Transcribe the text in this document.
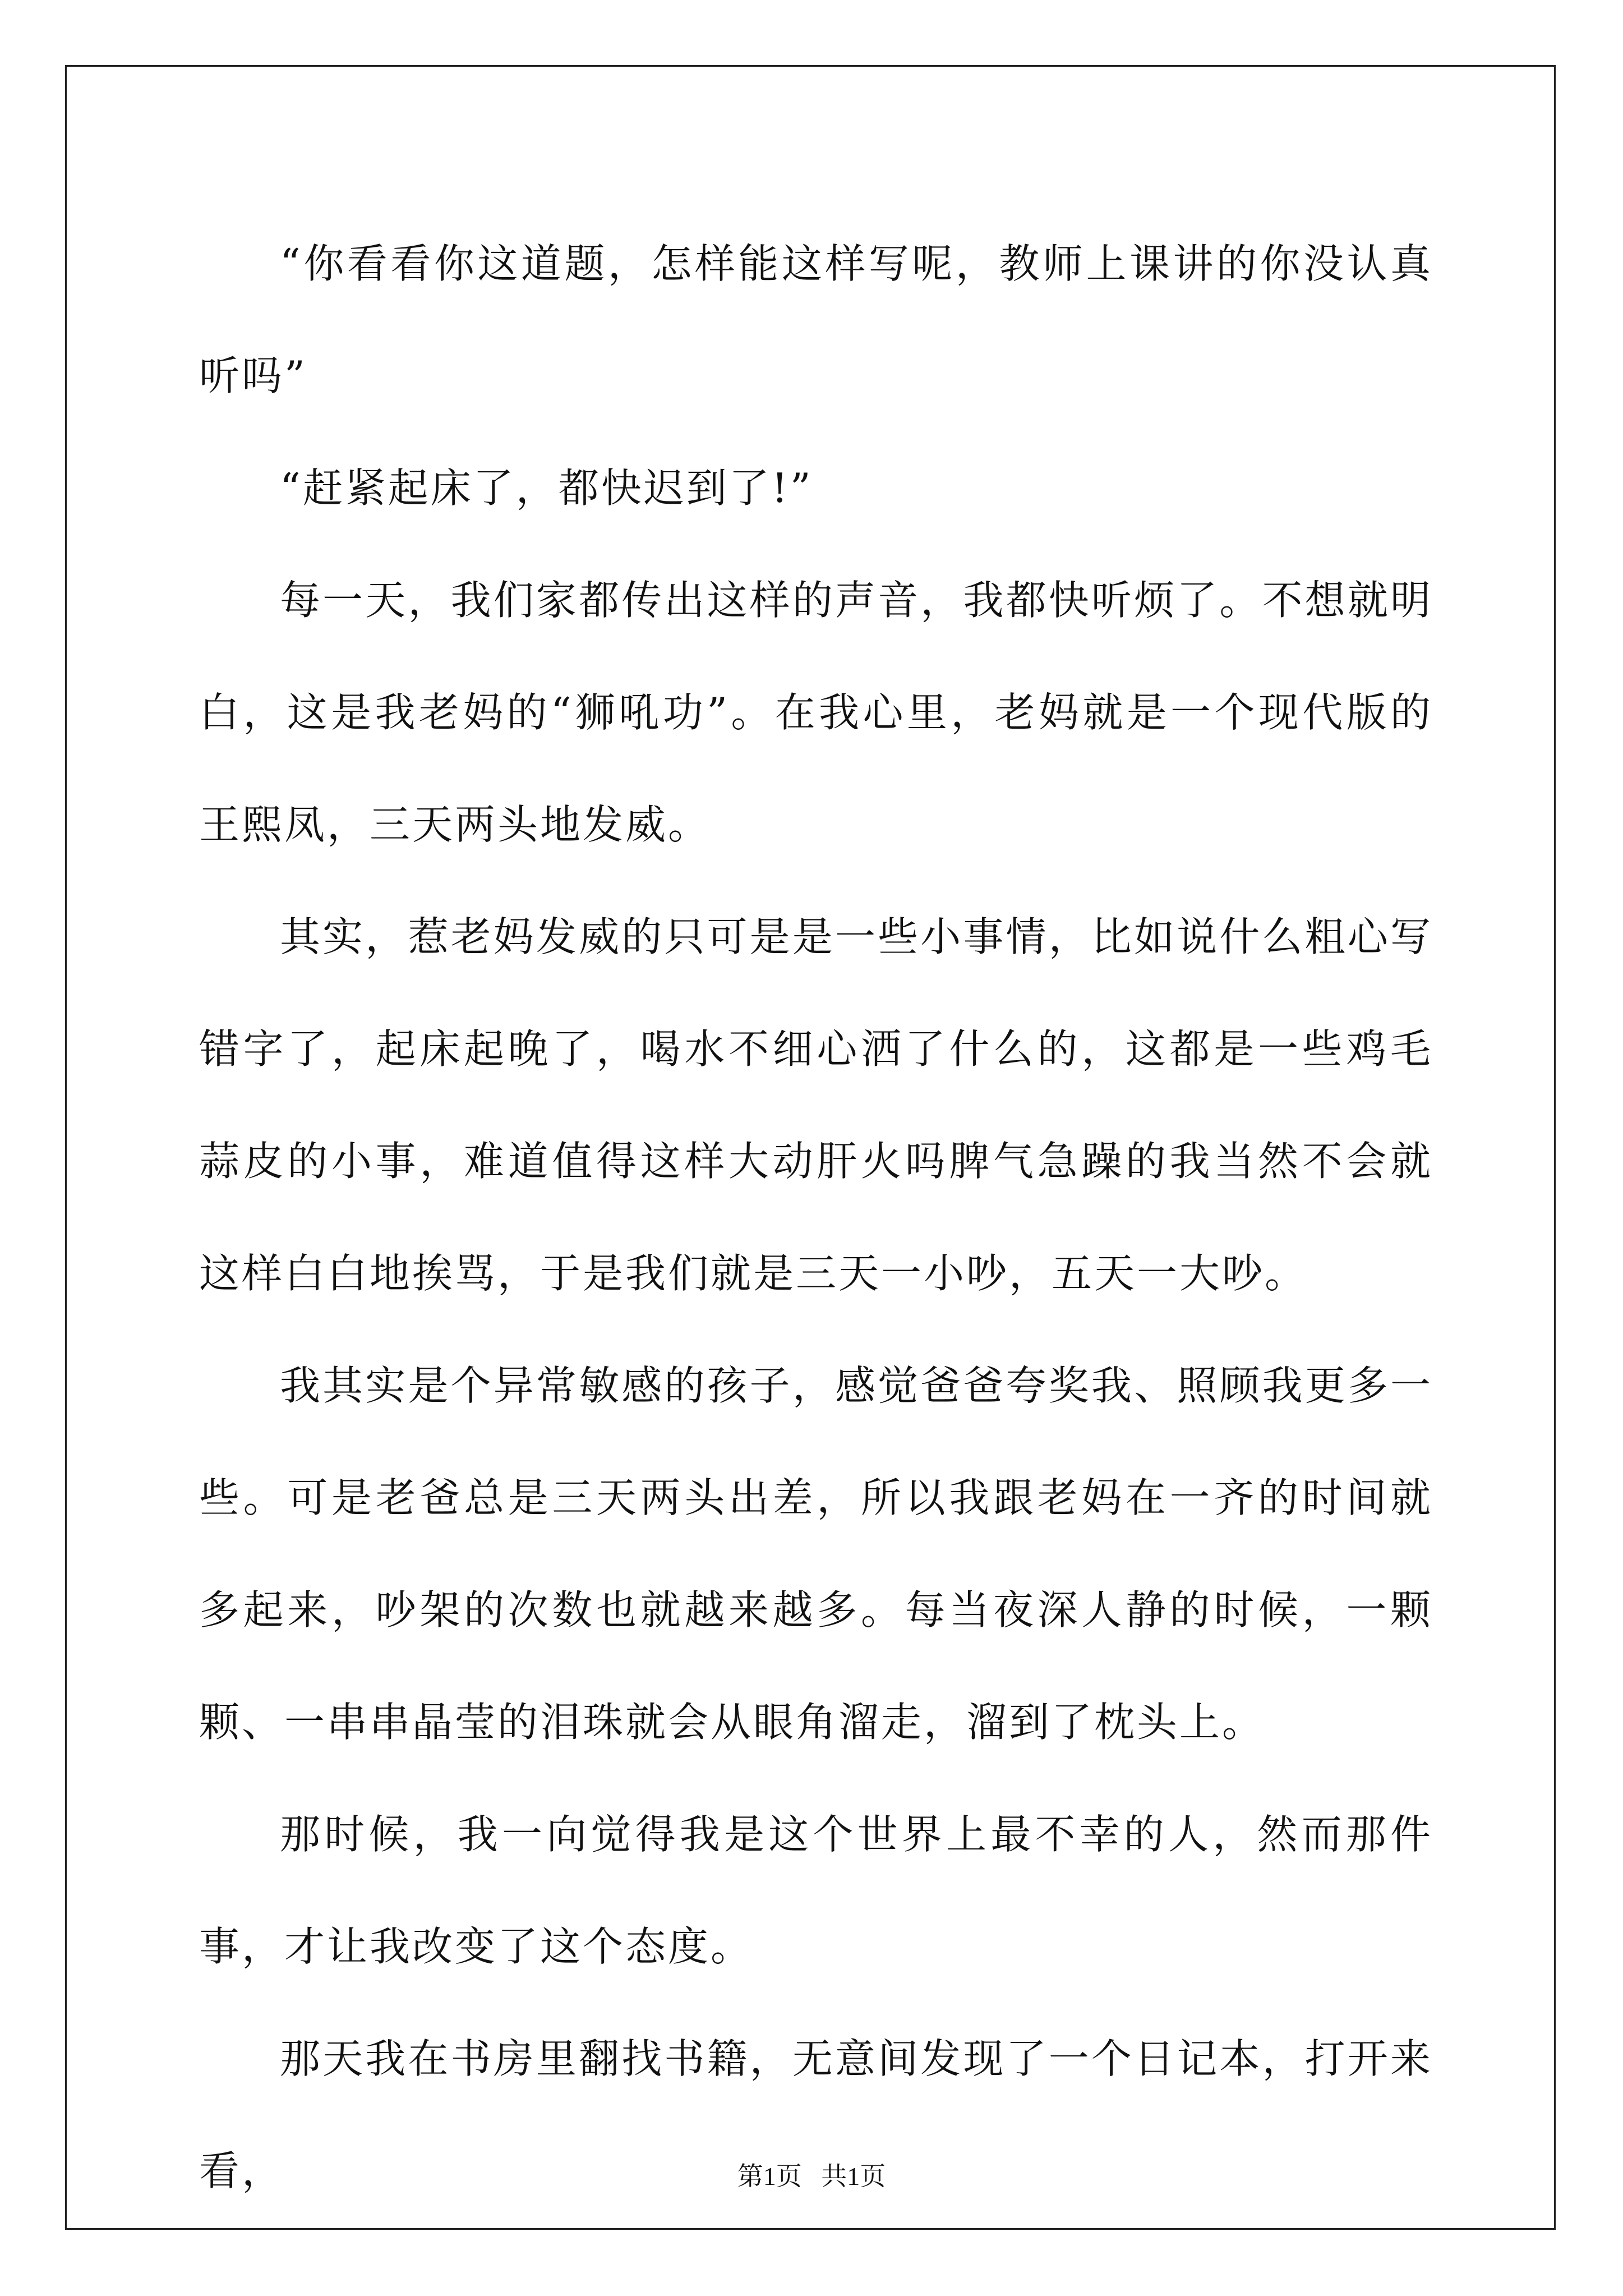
“你看看你这道题，怎样能这样写呢，教师上课讲的你没认真听吗”

“赶紧起床了，都快迟到了!”

每一天，我们家都传出这样的声音，我都快听烦了。不想就明白，这是我老妈的“狮吼功”。在我心里，老妈就是一个现代版的王熙凤，三天两头地发威。

其实，惹老妈发威的只可是是一些小事情，比如说什么粗心写错字了，起床起晚了，喝水不细心洒了什么的，这都是一些鸡毛蒜皮的小事，难道值得这样大动肝火吗脾气急躁的我当然不会就这样白白地挨骂，于是我们就是三天一小吵，五天一大吵。

我其实是个异常敏感的孩子，感觉爸爸夸奖我、照顾我更多一些。可是老爸总是三天两头出差，所以我跟老妈在一齐的时间就多起来，吵架的次数也就越来越多。每当夜深人静的时候，一颗颗、一串串晶莹的泪珠就会从眼角溜走，溜到了枕头上。

那时候，我一向觉得我是这个世界上最不幸的人，然而那件事，才让我改变了这个态度。

那天我在书房里翻找书籍，无意间发现了一个日记本，打开来看，	第1页   共1页
